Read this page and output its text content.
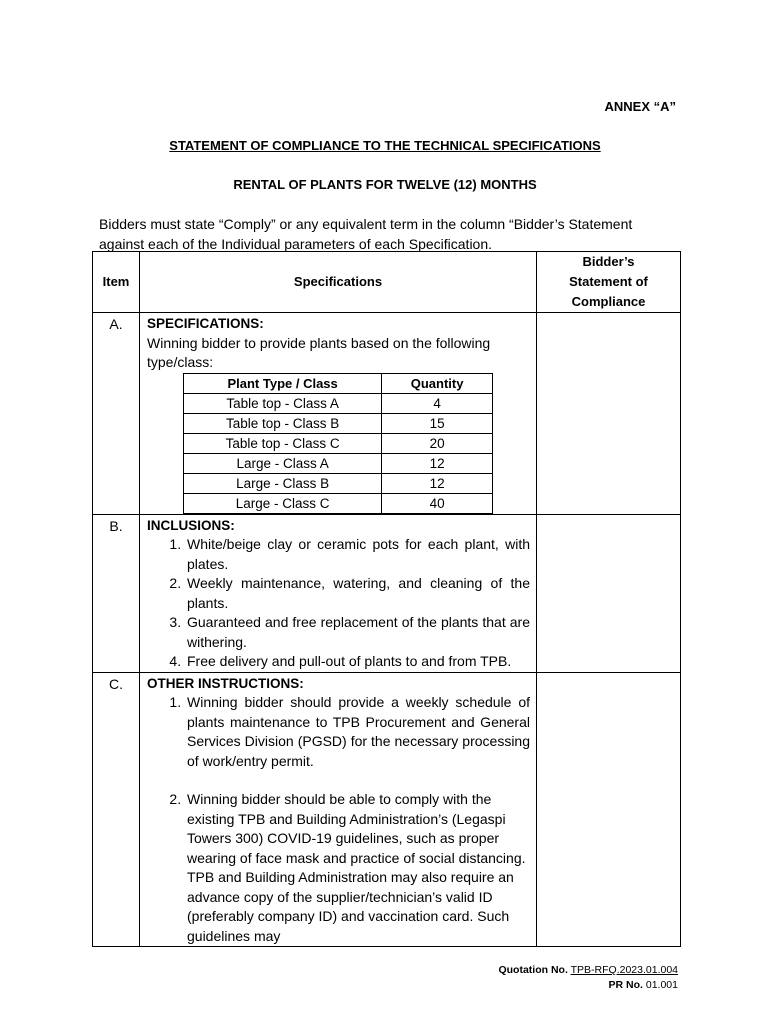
ANNEX “A”
STATEMENT OF COMPLIANCE TO THE TECHNICAL SPECIFICATIONS
RENTAL OF PLANTS FOR TWELVE (12) MONTHS
Bidders must state “Comply” or any equivalent term in the column “Bidder’s Statement against each of the Individual parameters of each Specification.
Item	Specifications	Bidder’s Statement of Compliance
A.	SPECIFICATIONS:
Winning bidder to provide plants based on the following type/class:
Plant Type / Class	Quantity
Table top - Class A	4
Table top - Class B	15
Table top - Class C	20
Large - Class A	12
Large - Class B	12
Large - Class C	40

B.	INCLUSIONS:
1. White/beige clay or ceramic pots for each plant, with plates.
2. Weekly maintenance, watering, and cleaning of the plants.
3. Guaranteed and free replacement of the plants that are withering.
4. Free delivery and pull-out of plants to and from TPB.

C.	OTHER INSTRUCTIONS:
1. Winning bidder should provide a weekly schedule of plants maintenance to TPB Procurement and General Services Division (PGSD) for the necessary processing of work/entry permit.
2. Winning bidder should be able to comply with the existing TPB and Building Administration’s (Legaspi Towers 300) COVID-19 guidelines, such as proper wearing of face mask and practice of social distancing. TPB and Building Administration may also require an advance copy of the supplier/technician’s valid ID (preferably company ID) and vaccination card. Such guidelines may

Quotation No. TPB-RFQ.2023.01.004
PR No. 01.001
